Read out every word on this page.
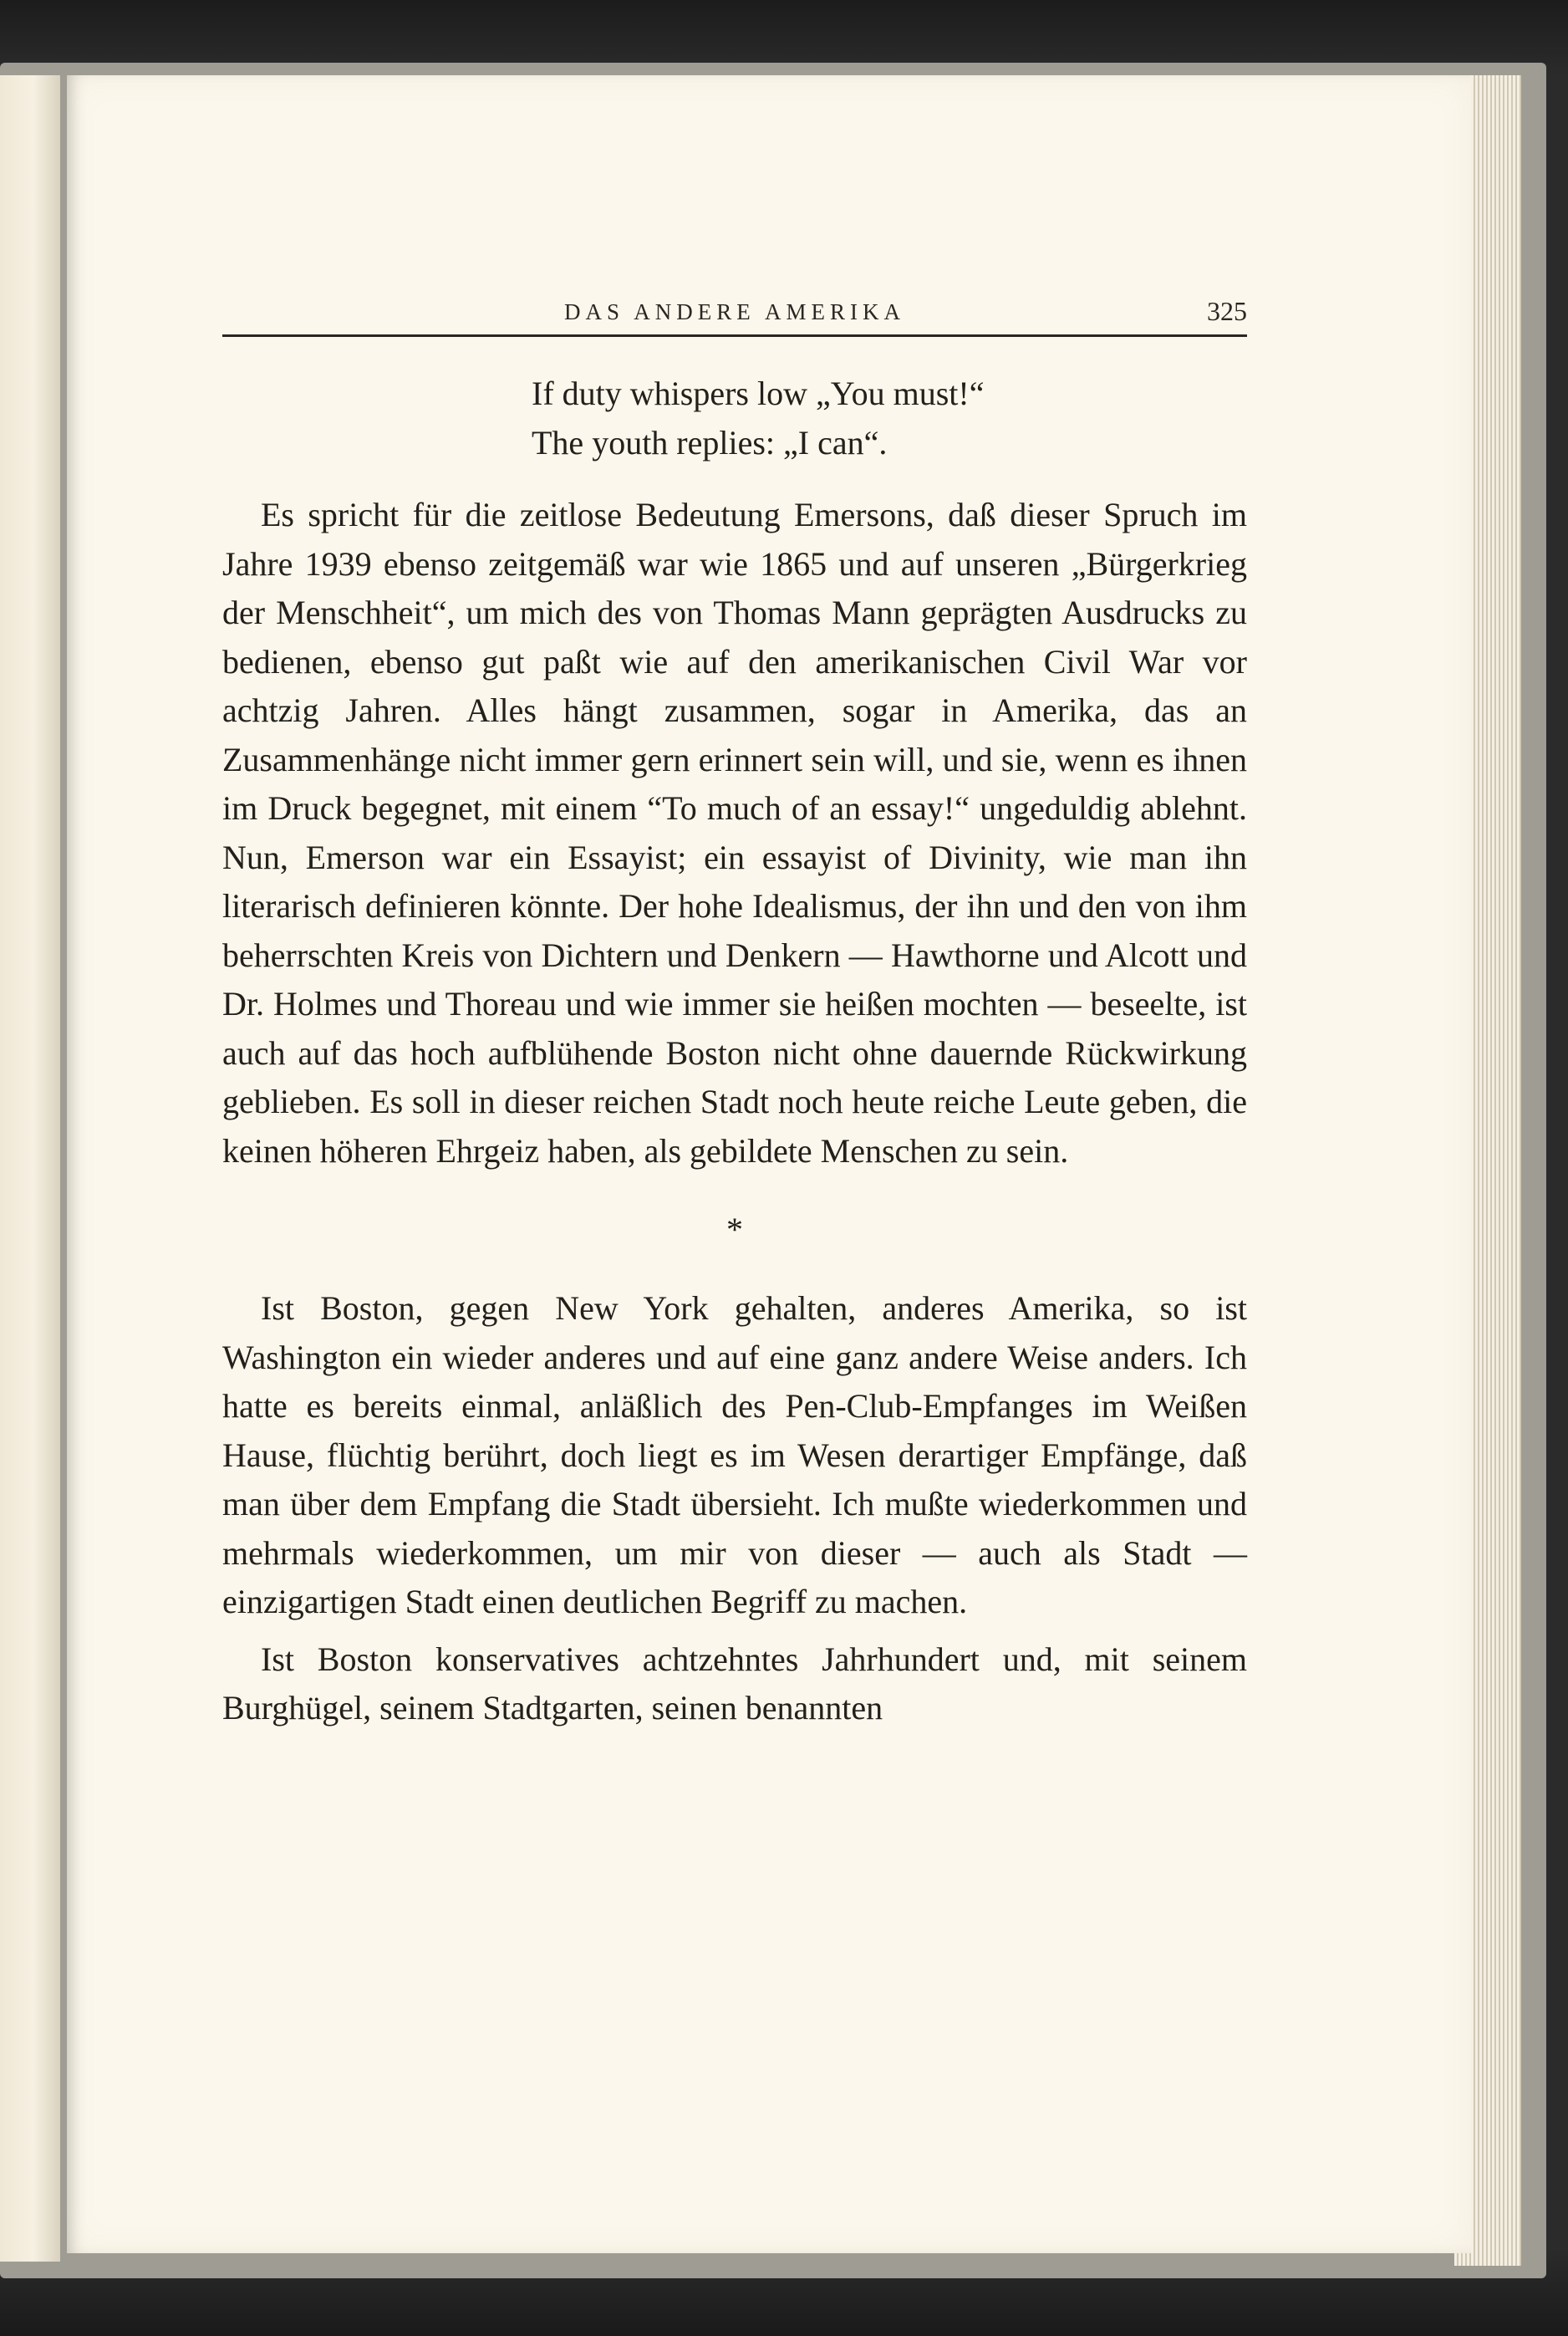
DAS ANDERE AMERIKA	325
If duty whispers low „You must!“
The youth replies: „I can“.

Es spricht für die zeitlose Bedeutung Emersons, daß dieser Spruch im Jahre 1939 ebenso zeitgemäß war wie 1865 und auf unseren „Bürgerkrieg der Menschheit“, um mich des von Thomas Mann geprägten Ausdrucks zu bedienen, ebenso gut paßt wie auf den amerikanischen Civil War vor achtzig Jahren. Alles hängt zusammen, sogar in Amerika, das an Zusammenhänge nicht immer gern erinnert sein will, und sie, wenn es ihnen im Druck begegnet, mit einem “To much of an essay!“ ungeduldig ablehnt. Nun, Emerson war ein Essayist; ein essayist of Divinity, wie man ihn literarisch definieren könnte. Der hohe Idealismus, der ihn und den von ihm beherrschten Kreis von Dichtern und Denkern — Hawthorne und Alcott und Dr. Holmes und Thoreau und wie immer sie heißen mochten — beseelte, ist auch auf das hoch aufblühende Boston nicht ohne dauernde Rückwirkung geblieben. Es soll in dieser reichen Stadt noch heute reiche Leute geben, die keinen höheren Ehrgeiz haben, als gebildete Menschen zu sein.

*

Ist Boston, gegen New York gehalten, anderes Amerika, so ist Washington ein wieder anderes und auf eine ganz andere Weise anders. Ich hatte es bereits einmal, anläßlich des Pen-Club-Empfanges im Weißen Hause, flüchtig berührt, doch liegt es im Wesen derartiger Empfänge, daß man über dem Empfang die Stadt übersieht. Ich mußte wiederkommen und mehrmals wiederkommen, um mir von dieser — auch als Stadt — einzigartigen Stadt einen deutlichen Begriff zu machen.

Ist Boston konservatives achtzehntes Jahrhundert und, mit seinem Burghügel, seinem Stadtgarten, seinen benannten
